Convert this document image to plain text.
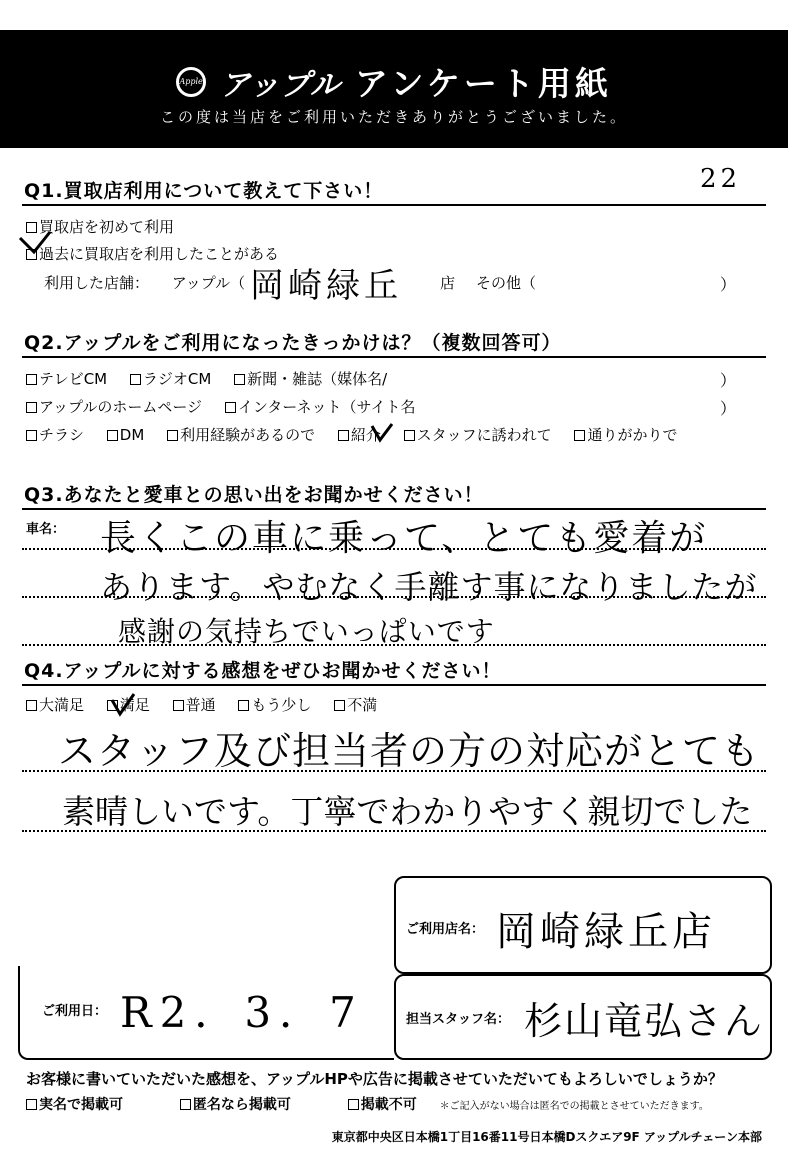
Apple アップル アンケート用紙
この度は当店をご利用いただきありがとうございました。
22
Q1.買取店利用について教えて下さい！
買取店を初めて利用
過去に買取店を利用したことがある
利用した店舗： アップル（ 岡崎緑丘	店 その他（	）
Q2.アップルをご利用になったきっかけは？（複数回答可）
テレビCM ラジオCM 新聞・雑誌（媒体名/	）
アップルのホームページ インターネット（サイト名	）
チラシ DM 利用経験があるので 紹介 スタッフに誘われて 通りがかりで
Q3.あなたと愛車との思い出をお聞かせください！
車名： 長くこの車に乗って、とても愛着が
あります。やむなく手離す事になりましたが
感謝の気持ちでいっぱいです
Q4.アップルに対する感想をぜひお聞かせください！
大満足 満足 普通 もう少し 不満
スタッフ及び担当者の方の対応がとても
素晴しいです。丁寧でわかりやすく親切でした
ご利用店名： 岡崎緑丘店
ご利用日： R2．3．7	担当スタッフ名： 杉山竜弘さん
お客様に書いていただいた感想を、アップルHPや広告に掲載させていただいてもよろしいでしょうか？
実名で掲載可	匿名なら掲載可	掲載不可 ＊ご記入がない場合は匿名での掲載とさせていただきます。
東京都中央区日本橋1丁目16番11号日本橋Dスクエア9F アップルチェーン本部
